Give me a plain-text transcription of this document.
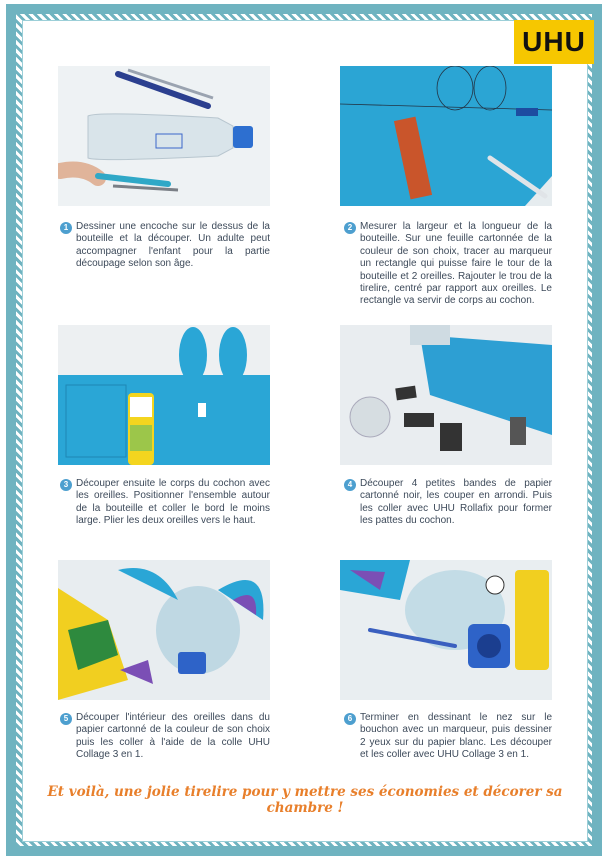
UHU
1 Dessiner une encoche sur le dessus de la bouteille et la découper. Un adulte peut accompagner l'enfant pour la partie découpage selon son âge.
2 Mesurer la largeur et la longueur de la bouteille. Sur une feuille cartonnée de la couleur de son choix, tracer au marqueur un rectangle qui puisse faire le tour de la bouteille et 2 oreilles. Rajouter le trou de la tirelire, centré par rapport aux oreilles. Le rectangle va servir de corps au cochon.
3 Découper ensuite le corps du cochon avec les oreilles. Positionner l'ensemble autour de la bouteille et coller le bord le moins large. Plier les deux oreilles vers le haut.
4 Découper 4 petites bandes de papier cartonné noir, les couper en arrondi. Puis les coller avec UHU Rollafix pour former les pattes du cochon.
5 Découper l'intérieur des oreilles dans du papier cartonné de la couleur de son choix puis les coller à l'aide de la colle UHU Collage 3 en 1.
6 Terminer en dessinant le nez sur le bouchon avec un marqueur, puis dessiner 2 yeux sur du papier blanc. Les découper et les coller avec UHU Collage 3 en 1.
Et voilà, une jolie tirelire pour y mettre ses économies et décorer sa chambre !
